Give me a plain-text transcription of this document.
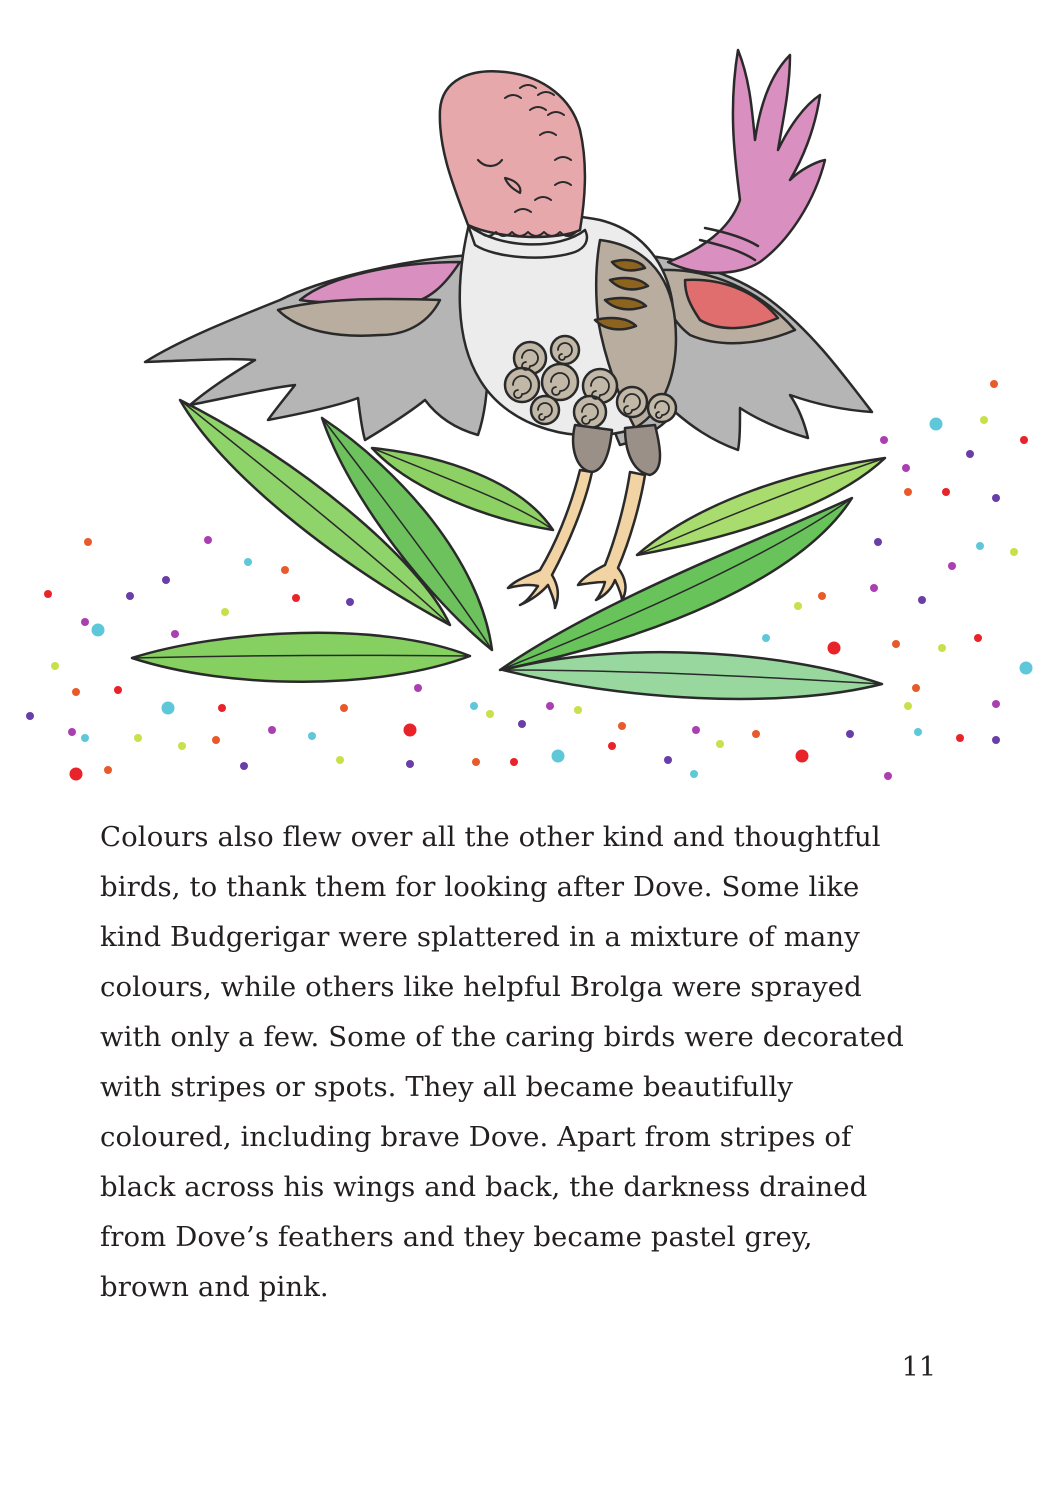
Colours also flew over all the other kind and thoughtful
birds, to thank them for looking after Dove. Some like
kind Budgerigar were splattered in a mixture of many
colours, while others like helpful Brolga were sprayed
with only a few. Some of the caring birds were decorated
with stripes or spots. They all became beautifully
coloured, including brave Dove. Apart from stripes of
black across his wings and back, the darkness drained
from Dove’s feathers and they became pastel grey,
brown and pink.
11
